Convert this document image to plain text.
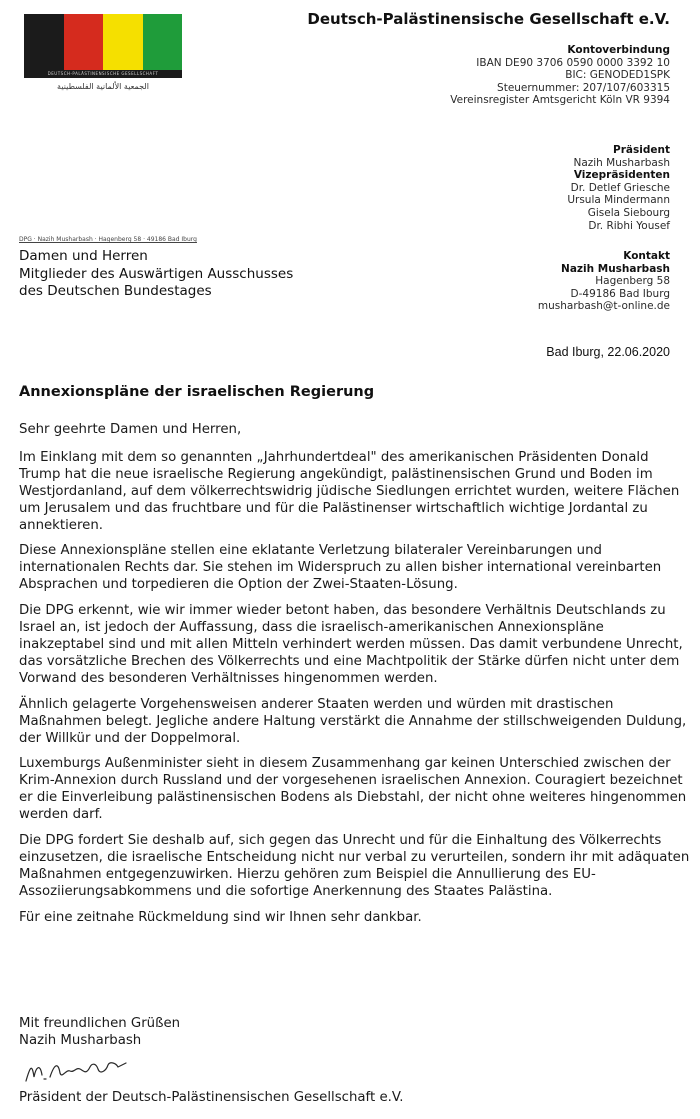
DEUTSCH-PALÄSTINENSISCHE GESELLSCHAFT
الجمعية الألمانية الفلسطينية
Deutsch-Palästinensische Gesellschaft e.V.
Kontoverbindung
IBAN DE90 3706 0590 0000 3392 10
BIC: GENODED1SPK
Steuernummer: 207/107/603315
Vereinsregister Amtsgericht Köln VR 9394
Präsident
Nazih Musharbash
Vizepräsidenten
Dr. Detlef Griesche
Ursula Mindermann
Gisela Siebourg
Dr. Ribhi Yousef
Kontakt
Nazih Musharbash
Hagenberg 58
D-49186 Bad Iburg
musharbash@t-online.de
DPG · Nazih Musharbash · Hagenberg 58 · 49186 Bad Iburg
Damen und Herren
Mitglieder des Auswärtigen Ausschusses
des Deutschen Bundestages
Bad Iburg, 22.06.2020
Annexionspläne der israelischen Regierung

Sehr geehrte Damen und Herren,

Im Einklang mit dem so genannten „Jahrhundertdeal" des amerikanischen Präsidenten Donald Trump hat die neue israelische Regierung angekündigt, palästinensischen Grund und Boden im Westjordanland, auf dem völkerrechtswidrig jüdische Siedlungen errichtet wurden, weitere Flächen um Jerusalem und das fruchtbare und für die Palästinenser wirtschaftlich wichtige Jordantal zu annektieren.

Diese Annexionspläne stellen eine eklatante Verletzung bilateraler Vereinbarungen und internationalen Rechts dar. Sie stehen im Widerspruch zu allen bisher international vereinbarten Absprachen und torpedieren die Option der Zwei-Staaten-Lösung.

Die DPG erkennt, wie wir immer wieder betont haben, das besondere Verhältnis Deutschlands zu Israel an, ist jedoch der Auffassung, dass die israelisch-amerikanischen Annexionspläne inakzeptabel sind und mit allen Mitteln verhindert werden müssen. Das damit verbundene Unrecht, das vorsätzliche Brechen des Völkerrechts und eine Machtpolitik der Stärke dürfen nicht unter dem Vorwand des besonderen Verhältnisses hingenommen werden.

Ähnlich gelagerte Vorgehensweisen anderer Staaten werden und würden mit drastischen Maßnahmen belegt. Jegliche andere Haltung verstärkt die Annahme der stillschweigenden Duldung, der Willkür und der Doppelmoral.

Luxemburgs Außenminister sieht in diesem Zusammenhang gar keinen Unterschied zwischen der Krim-Annexion durch Russland und der vorgesehenen israelischen Annexion. Couragiert bezeichnet er die Einverleibung palästinensischen Bodens als Diebstahl, der nicht ohne weiteres hingenommen werden darf.

Die DPG fordert Sie deshalb auf, sich gegen das Unrecht und für die Einhaltung des Völkerrechts einzusetzen, die israelische Entscheidung nicht nur verbal zu verurteilen, sondern ihr mit adäquaten Maßnahmen entgegenzuwirken. Hierzu gehören zum Beispiel die Annullierung des EU-Assoziierungsabkommens und die sofortige Anerkennung des Staates Palästina.

Für eine zeitnahe Rückmeldung sind wir Ihnen sehr dankbar.

Mit freundlichen Grüßen
Nazih Musharbash
Präsident der Deutsch-Palästinensischen Gesellschaft e.V.
